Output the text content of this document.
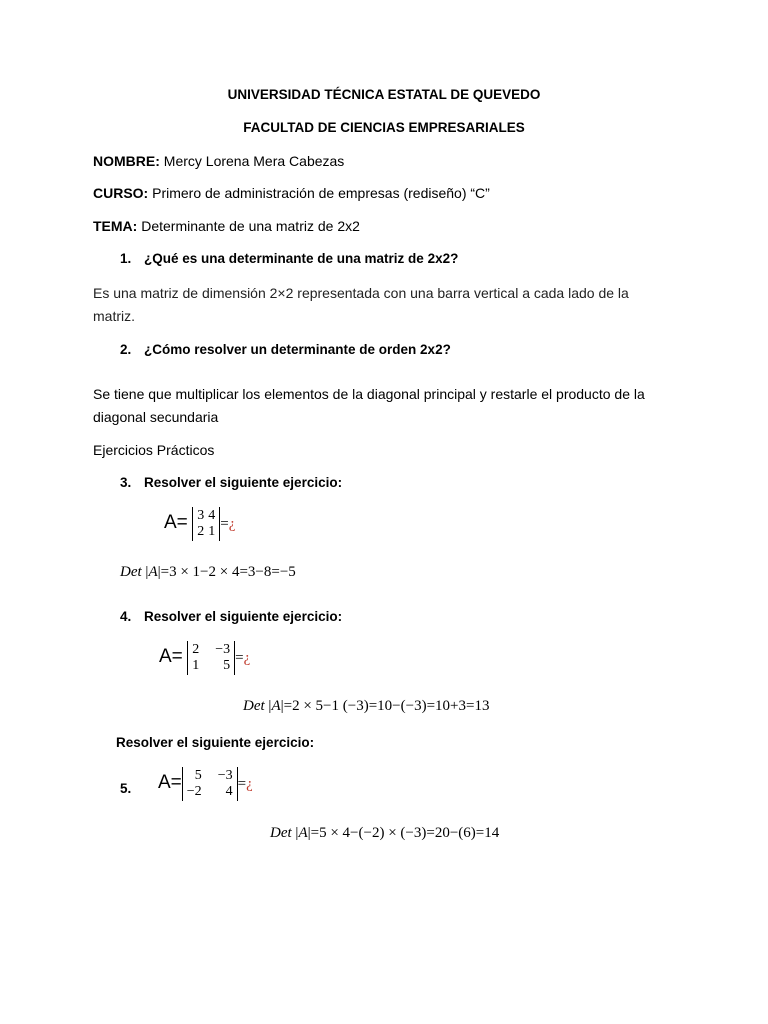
UNIVERSIDAD TÉCNICA ESTATAL DE QUEVEDO
FACULTAD DE CIENCIAS EMPRESARIALES
NOMBRE: Mercy Lorena Mera Cabezas
CURSO: Primero de administración de empresas (rediseño) “C”
TEMA: Determinante de una matriz de 2x2
1. ¿Qué es una determinante de una matriz de 2x2?
Es una matriz de dimensión 2×2 representada con una barra vertical a cada lado de la
matriz.
2. ¿Cómo resolver un determinante de orden 2x2?
Se tiene que multiplicar los elementos de la diagonal principal y restarle el producto de la
diagonal secundaria
Ejercicios Prácticos
3. Resolver el siguiente ejercicio:
A= 3	4
2	1 =¿
Det |A|=3 × 1−2 × 4=3−8=−5
4. Resolver el siguiente ejercicio:
A= 2	−3
1	5 =¿
Det |A|=2 × 5−1 (−3)=10−(−3)=10+3=13
Resolver el siguiente ejercicio:
5. A= 5	−3
−2	4 =¿
Det |A|=5 × 4−(−2) × (−3)=20−(6)=14
